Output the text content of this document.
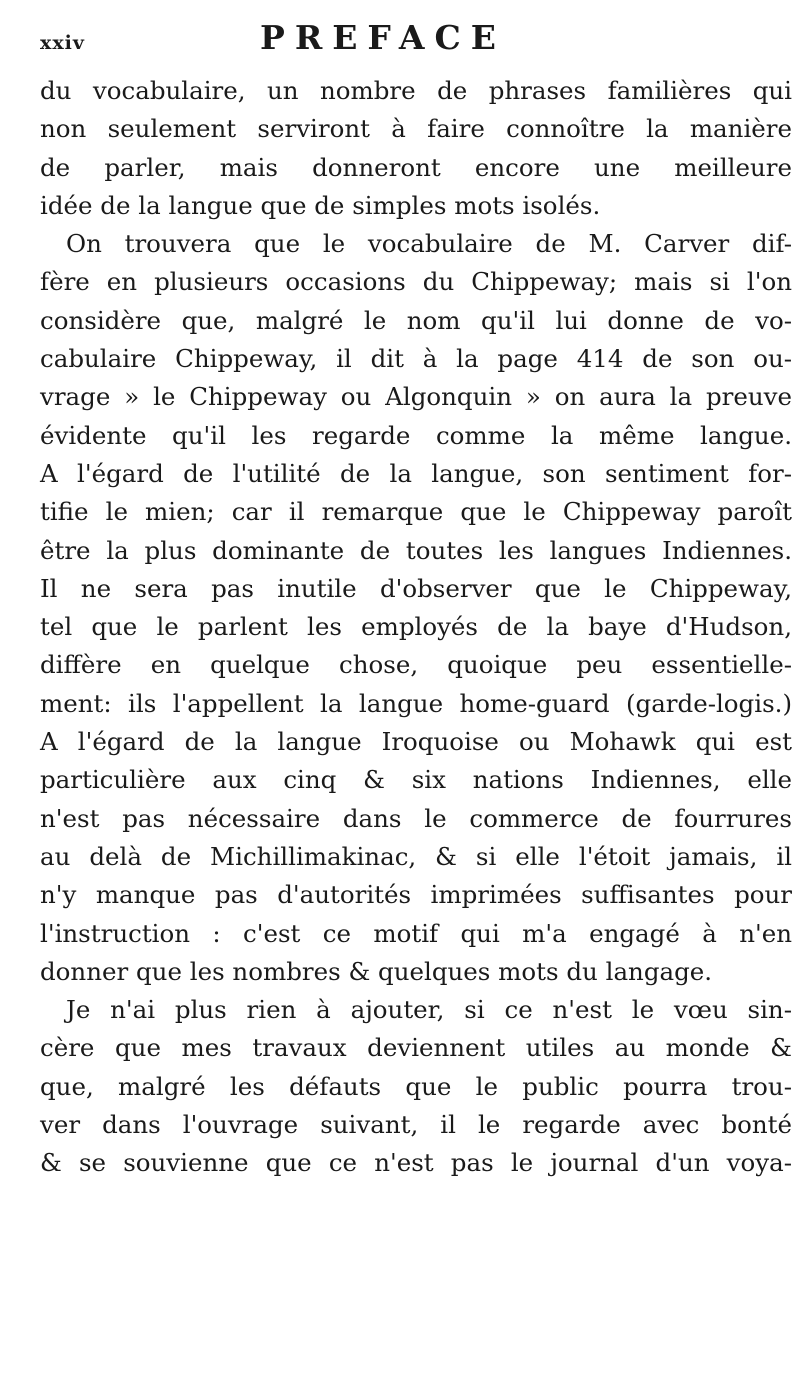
xxiv	PREFACE
du vocabulaire, un nombre de phrases familières qui
non seulement serviront à faire connoître la manière
de parler, mais donneront encore une meilleure
idée de la langue que de simples mots isolés.
On trouvera que le vocabulaire de M. Carver dif-
fère en plusieurs occasions du Chippeway; mais si l'on
considère que, malgré le nom qu'il lui donne de vo-
cabulaire Chippeway, il dit à la page 414 de son ou-
vrage » le Chippeway ou Algonquin » on aura la preuve
évidente qu'il les regarde comme la même langue.
A l'égard de l'utilité de la langue, son sentiment for-
tifie le mien; car il remarque que le Chippeway paroît
être la plus dominante de toutes les langues Indiennes.
Il ne sera pas inutile d'observer que le Chippeway,
tel que le parlent les employés de la baye d'Hudson,
diffère en quelque chose, quoique peu essentielle-
ment: ils l'appellent la langue home-guard (garde-logis.)
A l'égard de la langue Iroquoise ou Mohawk qui est
particulière aux cinq & six nations Indiennes, elle
n'est pas nécessaire dans le commerce de fourrures
au delà de Michillimakinac, & si elle l'étoit jamais, il
n'y manque pas d'autorités imprimées suffisantes pour
l'instruction : c'est ce motif qui m'a engagé à n'en
donner que les nombres & quelques mots du langage.
Je n'ai plus rien à ajouter, si ce n'est le vœu sin-
cère que mes travaux deviennent utiles au monde &
que, malgré les défauts que le public pourra trou-
ver dans l'ouvrage suivant, il le regarde avec bonté
& se souvienne que ce n'est pas le journal d'un voya-
